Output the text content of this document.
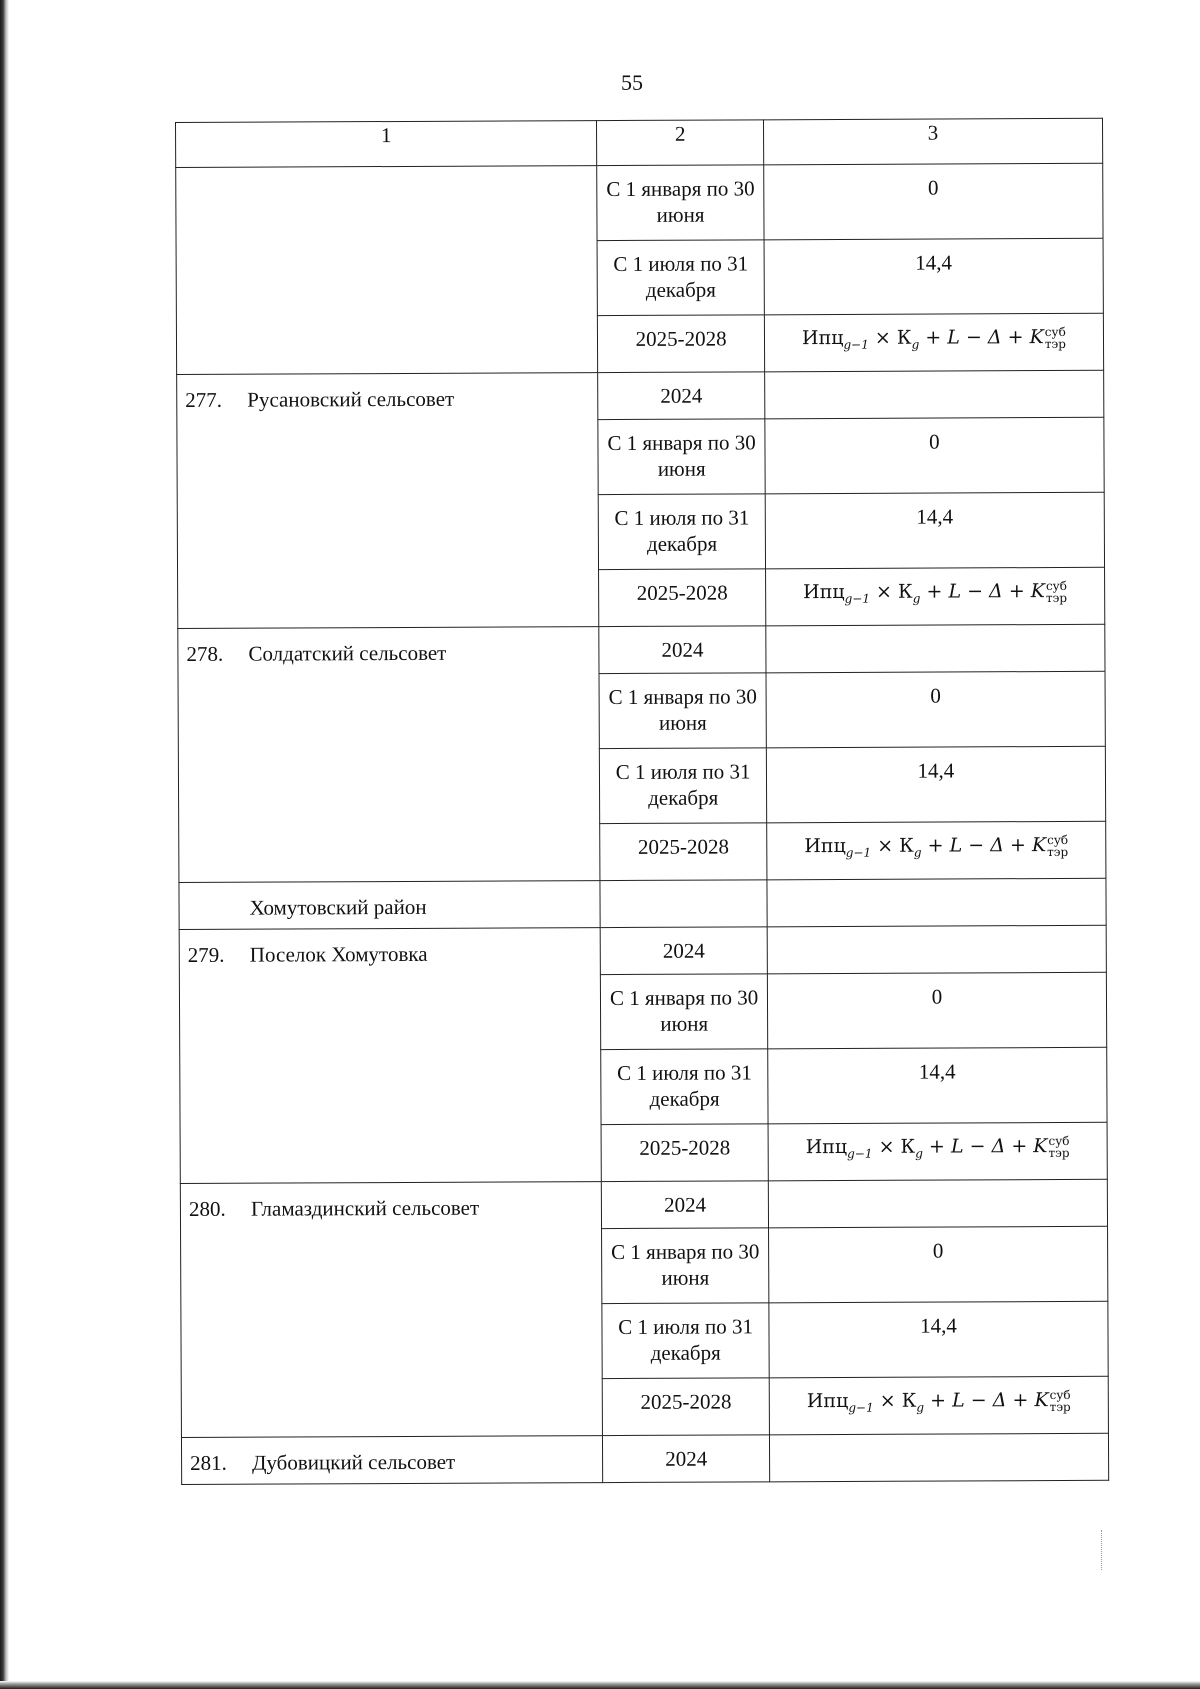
55
1	2	3

	С 1 января по 30 июня	0

	С 1 июля по 31 декабря	14,4

	2025-2028	$Ипц_{g-1} \times К_g + L - \Delta + K$ суб
тэр

277. Русановский сельсовет	2024	

	С 1 января по 30 июня	0

	С 1 июля по 31 декабря	14,4

	2025-2028	$Ипц_{g-1} \times К_g + L - \Delta + K$ суб
тэр

278. Солдатский сельсовет	2024	

	С 1 января по 30 июня	0

	С 1 июля по 31 декабря	14,4

	2025-2028	$Ипц_{g-1} \times К_g + L - \Delta + K$ суб
тэр

Хомутовский район		

279. Поселок Хомутовка	2024	

	С 1 января по 30 июня	0

	С 1 июля по 31 декабря	14,4

	2025-2028	$Ипц_{g-1} \times К_g + L - \Delta + K$ суб
тэр

280. Гламаздинский сельсовет	2024	

	С 1 января по 30 июня	0

	С 1 июля по 31 декабря	14,4

	2025-2028	$Ипц_{g-1} \times К_g + L - \Delta + K$ суб
тэр

281. Дубовицкий сельсовет	2024	
